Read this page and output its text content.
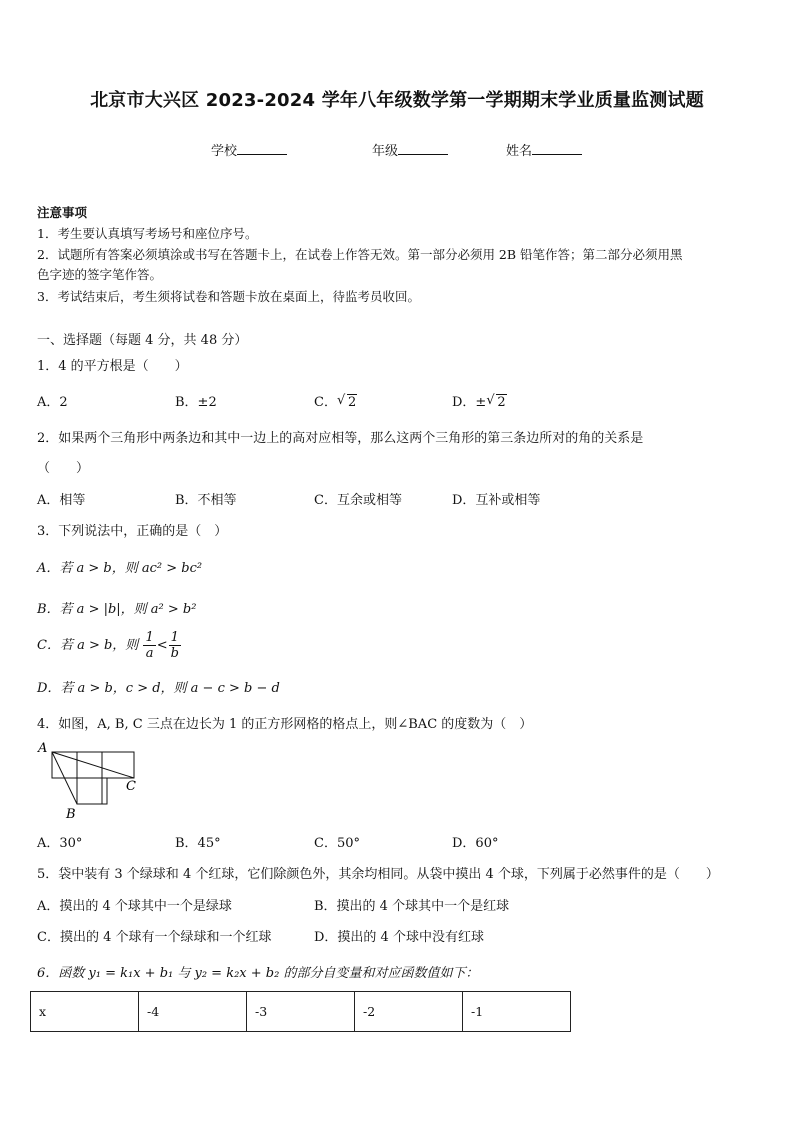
北京市大兴区 2023-2024 学年八年级数学第一学期期末学业质量监测试题
学校	年级	姓名
注意事项
1．考生要认真填写考场号和座位序号。
2．试题所有答案必须填涂或书写在答题卡上，在试卷上作答无效。第一部分必须用 2B 铅笔作答；第二部分必须用黑
色字迹的签字笔作答。
3．考试结束后，考生须将试卷和答题卡放在桌面上，待监考员收回。
一、选择题（每题 4 分，共 48 分）
1．4 的平方根是（　　）
A．2	B．±2	C． √ 2	D．± √ 2
2．如果两个三角形中两条边和其中一边上的高对应相等，那么这两个三角形的第三条边所对的角的关系是
（　　）
A．相等	B．不相等	C．互余或相等	D．互补或相等
3．下列说法中，正确的是（　）
A．若 a > b，则 ac² > bc²
B．若 a > |b|，则 a² > b²
C．若 a > b，则 $\frac{1}{a} < \frac{1}{b}$
D．若 a > b，c > d，则 a − c > b − d
4．如图，A, B, C 三点在边长为 1 的正方形网格的格点上，则∠BAC 的度数为（　）
A
B
C
A．30°	B．45°	C．50°	D．60°
5．袋中装有 3 个绿球和 4 个红球，它们除颜色外，其余均相同。从袋中摸出 4 个球，下列属于必然事件的是（　　）
A．摸出的 4 个球其中一个是绿球	B．摸出的 4 个球其中一个是红球
C．摸出的 4 个球有一个绿球和一个红球	D．摸出的 4 个球中没有红球
6．函数 y₁ = k₁x + b₁ 与 y₂ = k₂x + b₂ 的部分自变量和对应函数值如下：
x	-4	-3	-2	-1
